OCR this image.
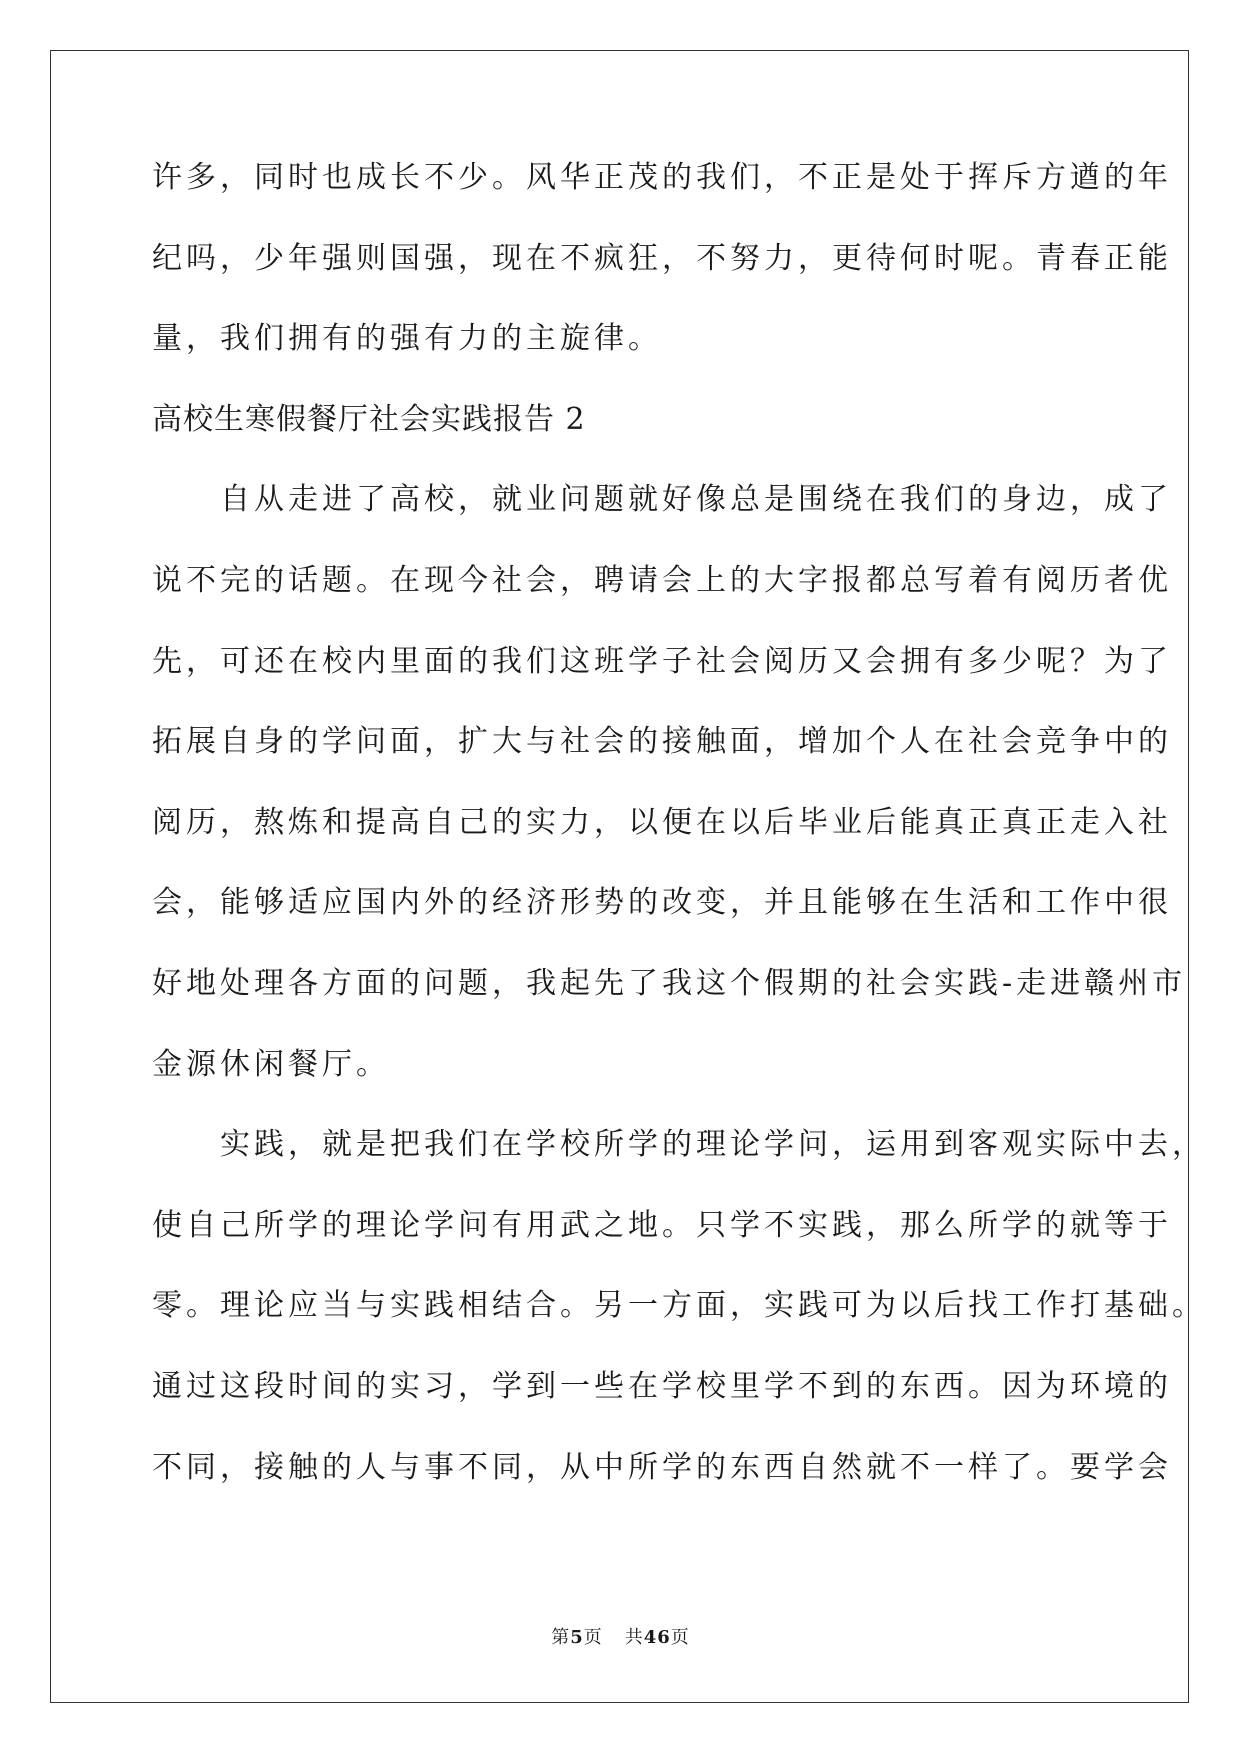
许多，同时也成长不少。风华正茂的我们，不正是处于挥斥方遒的年
纪吗，少年强则国强，现在不疯狂，不努力，更待何时呢。青春正能
量，我们拥有的强有力的主旋律。
高校生寒假餐厅社会实践报告 2
　　自从走进了高校，就业问题就好像总是围绕在我们的身边，成了
说不完的话题。在现今社会，聘请会上的大字报都总写着有阅历者优
先，可还在校内里面的我们这班学子社会阅历又会拥有多少呢？为了
拓展自身的学问面，扩大与社会的接触面，增加个人在社会竞争中的
阅历，熬炼和提高自己的实力，以便在以后毕业后能真正真正走入社
会，能够适应国内外的经济形势的改变，并且能够在生活和工作中很
好地处理各方面的问题，我起先了我这个假期的社会实践-走进赣州市
金源休闲餐厅。
　　实践，就是把我们在学校所学的理论学问，运用到客观实际中去，
使自己所学的理论学问有用武之地。只学不实践，那么所学的就等于
零。理论应当与实践相结合。另一方面，实践可为以后找工作打基础。
通过这段时间的实习，学到一些在学校里学不到的东西。因为环境的
不同，接触的人与事不同，从中所学的东西自然就不一样了。要学会
第5页 共46页
